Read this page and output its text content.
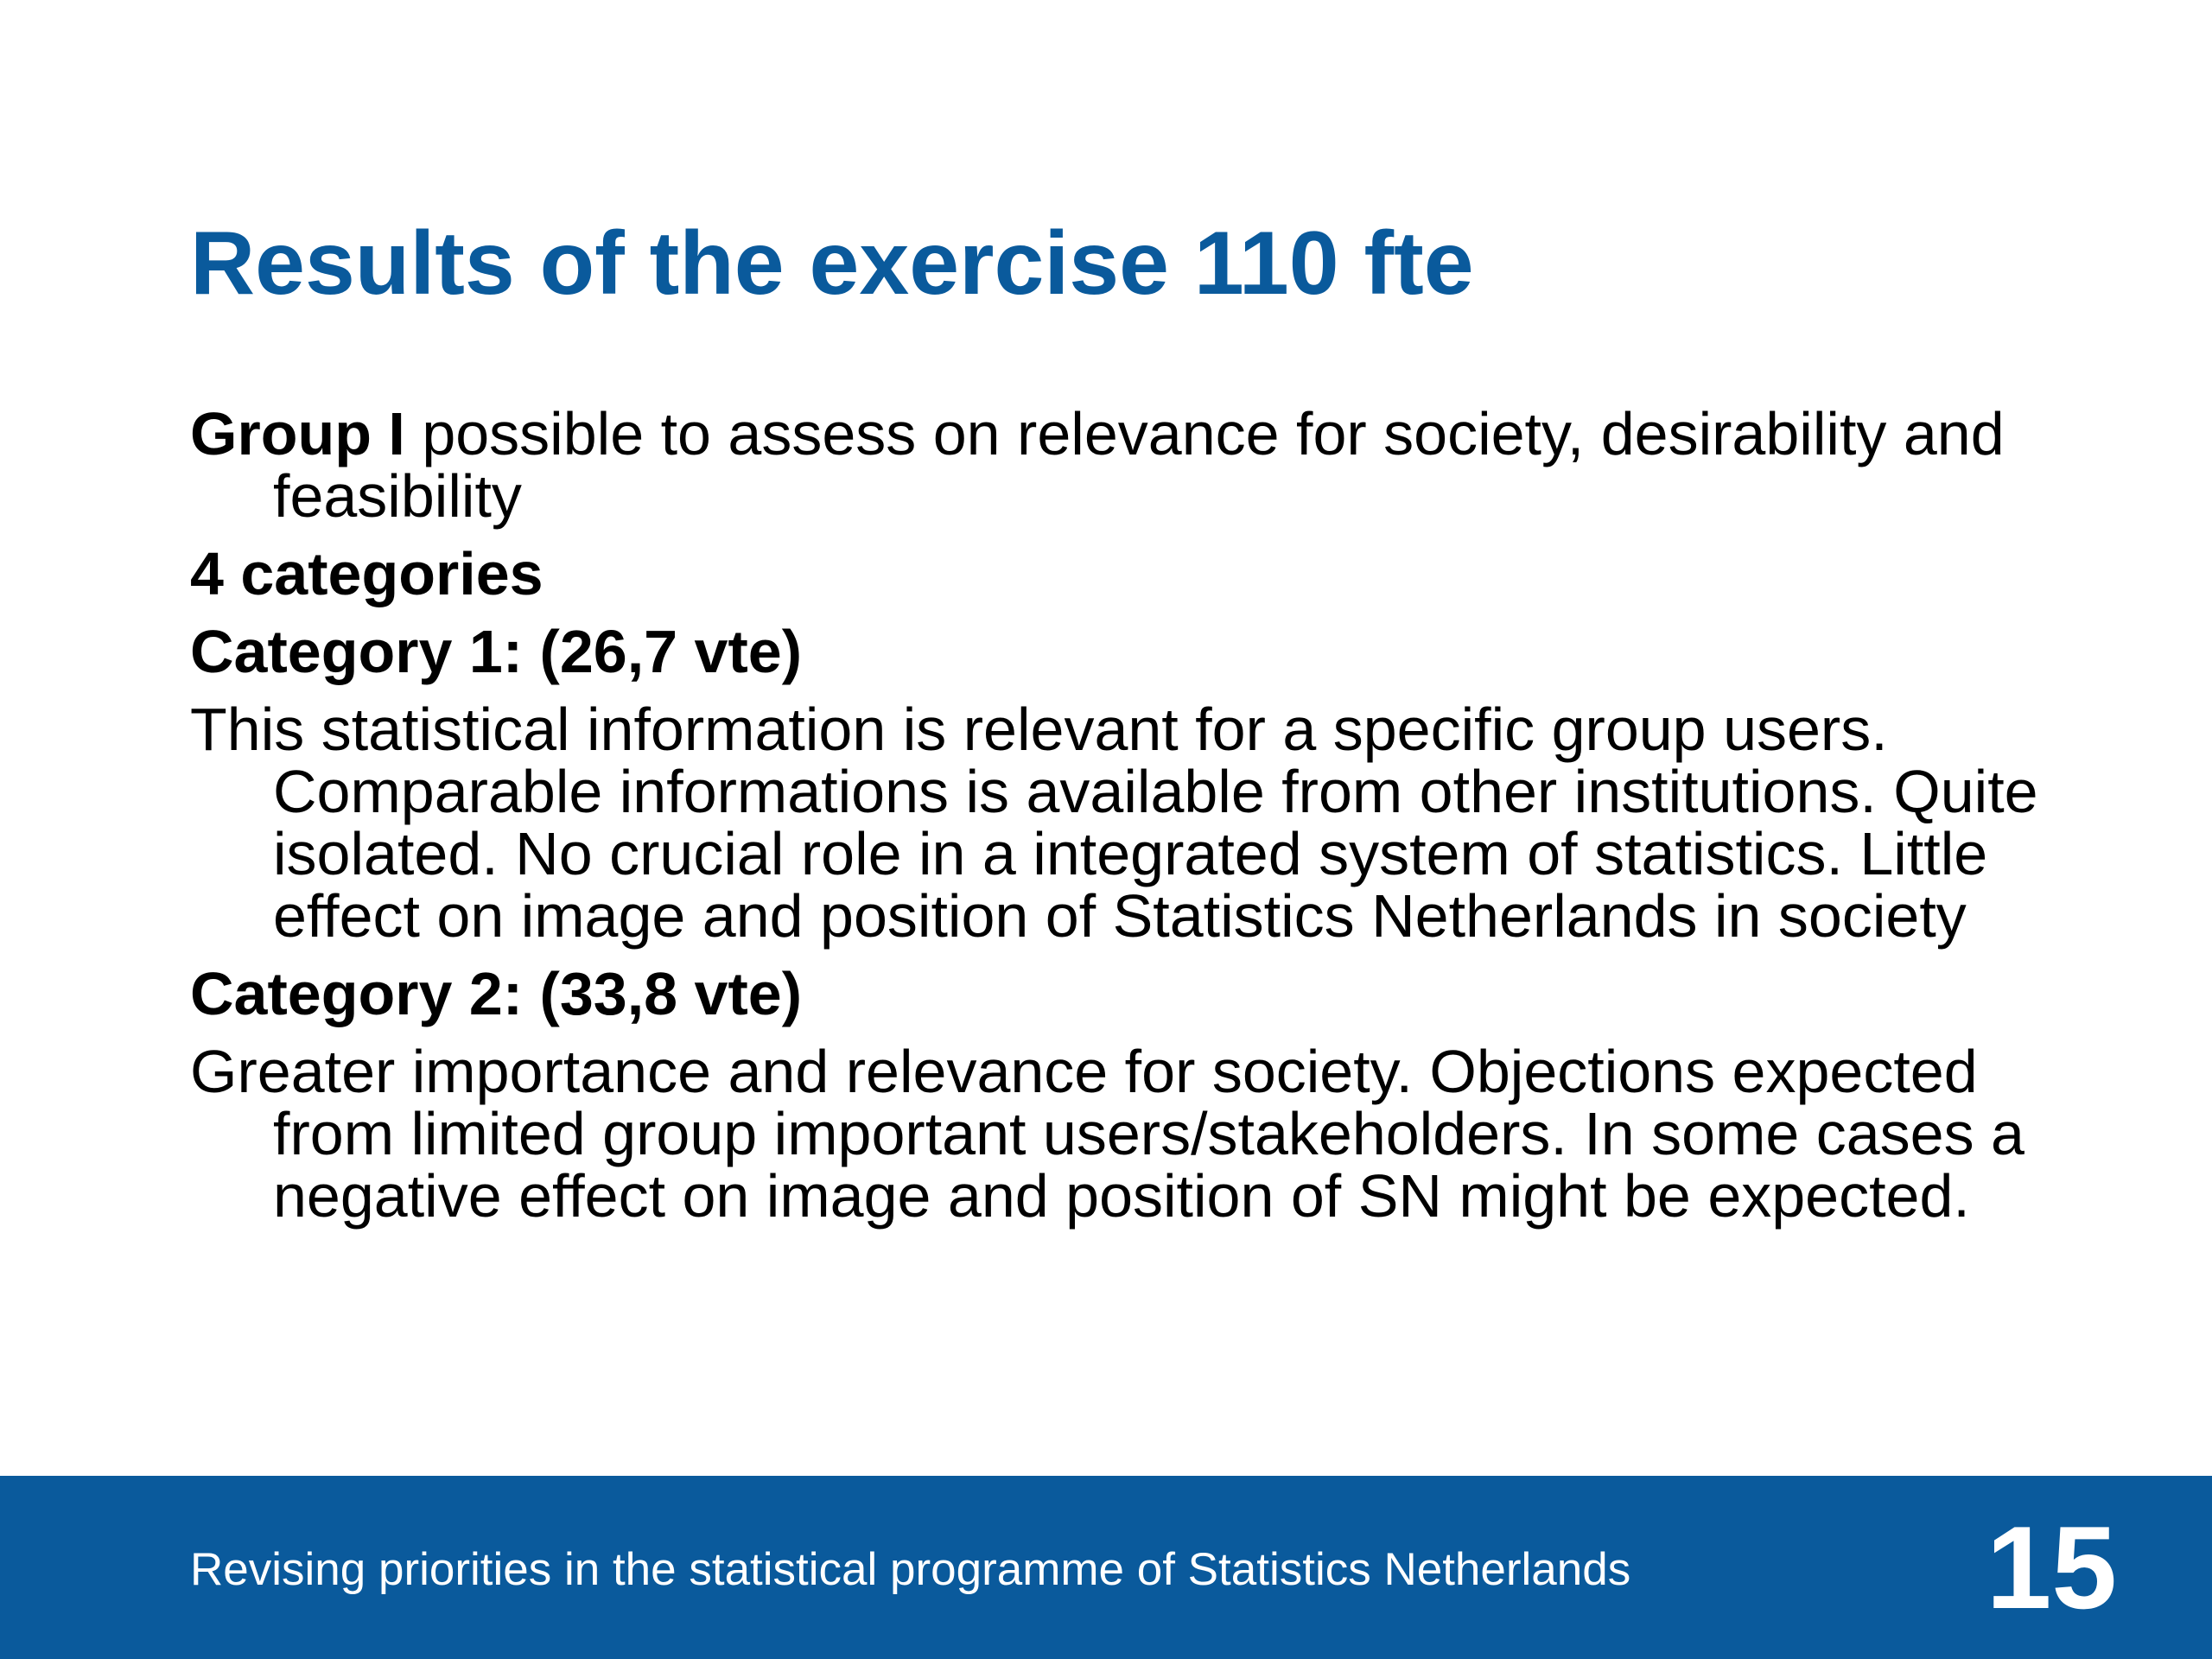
Results of the exercise 110 fte

Group I possible to assess on relevance for society, desirability and feasibility

4 categories

Category 1: (26,7 vte)

This statistical information is relevant for a specific group users. Comparable informations is available from other institutions. Quite isolated. No crucial role in a integrated system of statistics. Little effect on image and position of Statistics Netherlands in society

Category 2: (33,8 vte)

Greater importance and relevance for society. Objections expected from limited group important users/stakeholders. In some cases a negative effect on image and position of SN might be expected.

Revising priorities in the statistical programme of Statistics Netherlands	15
